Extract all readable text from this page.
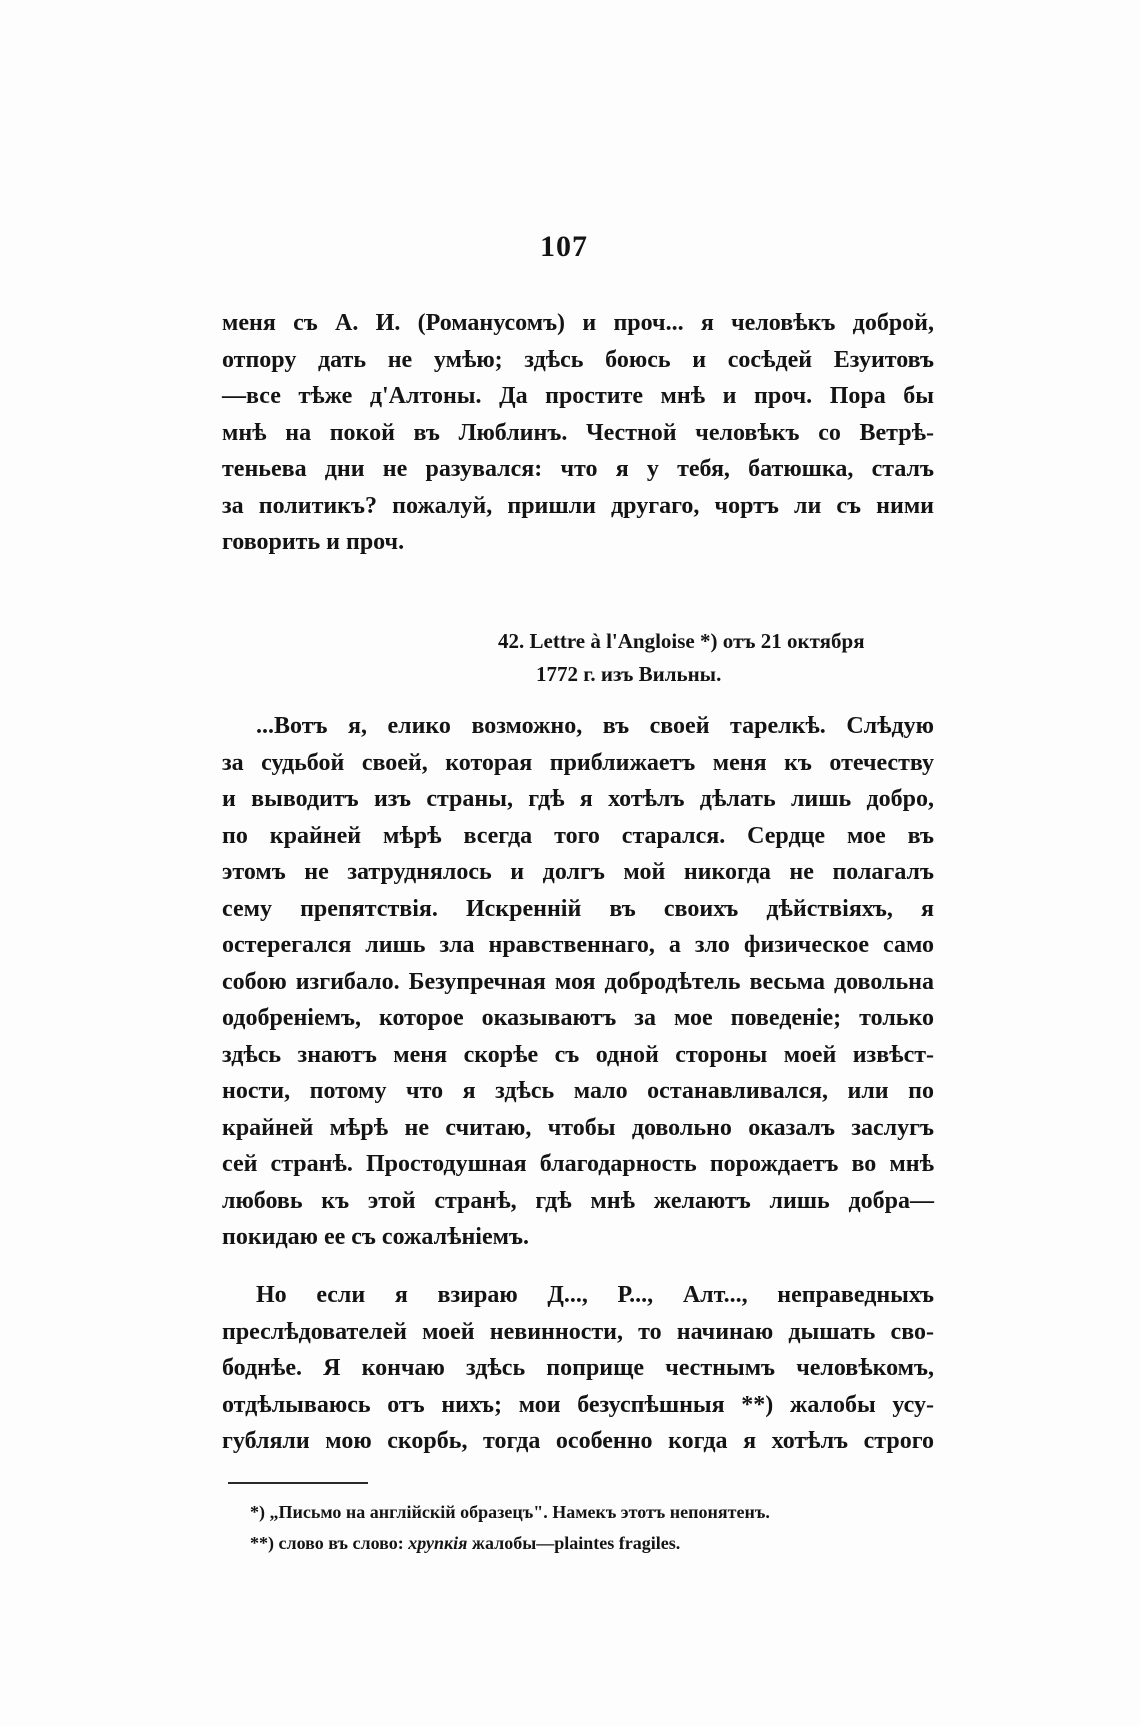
107
меня съ А. И. (Романусомъ) и проч... я человѣкъ доброй,
отпору дать не умѣю; здѣсь боюсь и сосѣдей Езуитовъ
—все тѣже д'Алтоны. Да простите мнѣ и проч. Пора бы
мнѣ на покой въ Люблинъ. Честной человѣкъ со Ветрѣ-
теньева дни не разувался: что я у тебя, батюшка, сталъ
за политикъ? пожалуй, пришли другаго, чортъ ли съ ними
говорить и проч.
42. Lettre à l'Angloise *) отъ 21 октября
1772 г. изъ Вильны.
...Вотъ я, елико возможно, въ своей тарелкѣ. Слѣдую
за судьбой своей, которая приближаетъ меня къ отечеству
и выводитъ изъ страны, гдѣ я хотѣлъ дѣлать лишь добро,
по крайней мѣрѣ всегда того старался. Сердце мое въ
этомъ не затруднялось и долгъ мой никогда не полагалъ
сему препятствія. Искренній въ своихъ дѣйствіяхъ, я
остерегался лишь зла нравственнаго, а зло физическое само
собою изгибало. Безупречная моя добродѣтель весьма довольна
одобреніемъ, которое оказываютъ за мое поведеніе; только
здѣсь знаютъ меня скорѣе съ одной стороны моей извѣст-
ности, потому что я здѣсь мало останавливался, или по
крайней мѣрѣ не считаю, чтобы довольно оказалъ заслугъ
сей странѣ. Простодушная благодарность порождаетъ во мнѣ
любовь къ этой странѣ, гдѣ мнѣ желаютъ лишь добра—
покидаю ее съ сожалѣніемъ.
Но если я взираю Д..., Р..., Алт..., неправедныхъ
преслѣдователей моей невинности, то начинаю дышать сво-
боднѣе. Я кончаю здѣсь поприще честнымъ человѣкомъ,
отдѣлываюсь отъ нихъ; мои безуспѣшныя **) жалобы усу-
губляли мою скорбь, тогда особенно когда я хотѣлъ строго
*) „Письмо на англійскій образецъ". Намекъ этотъ непонятенъ.
**) слово въ слово: хрупкія жалобы—plaintes fragiles.
